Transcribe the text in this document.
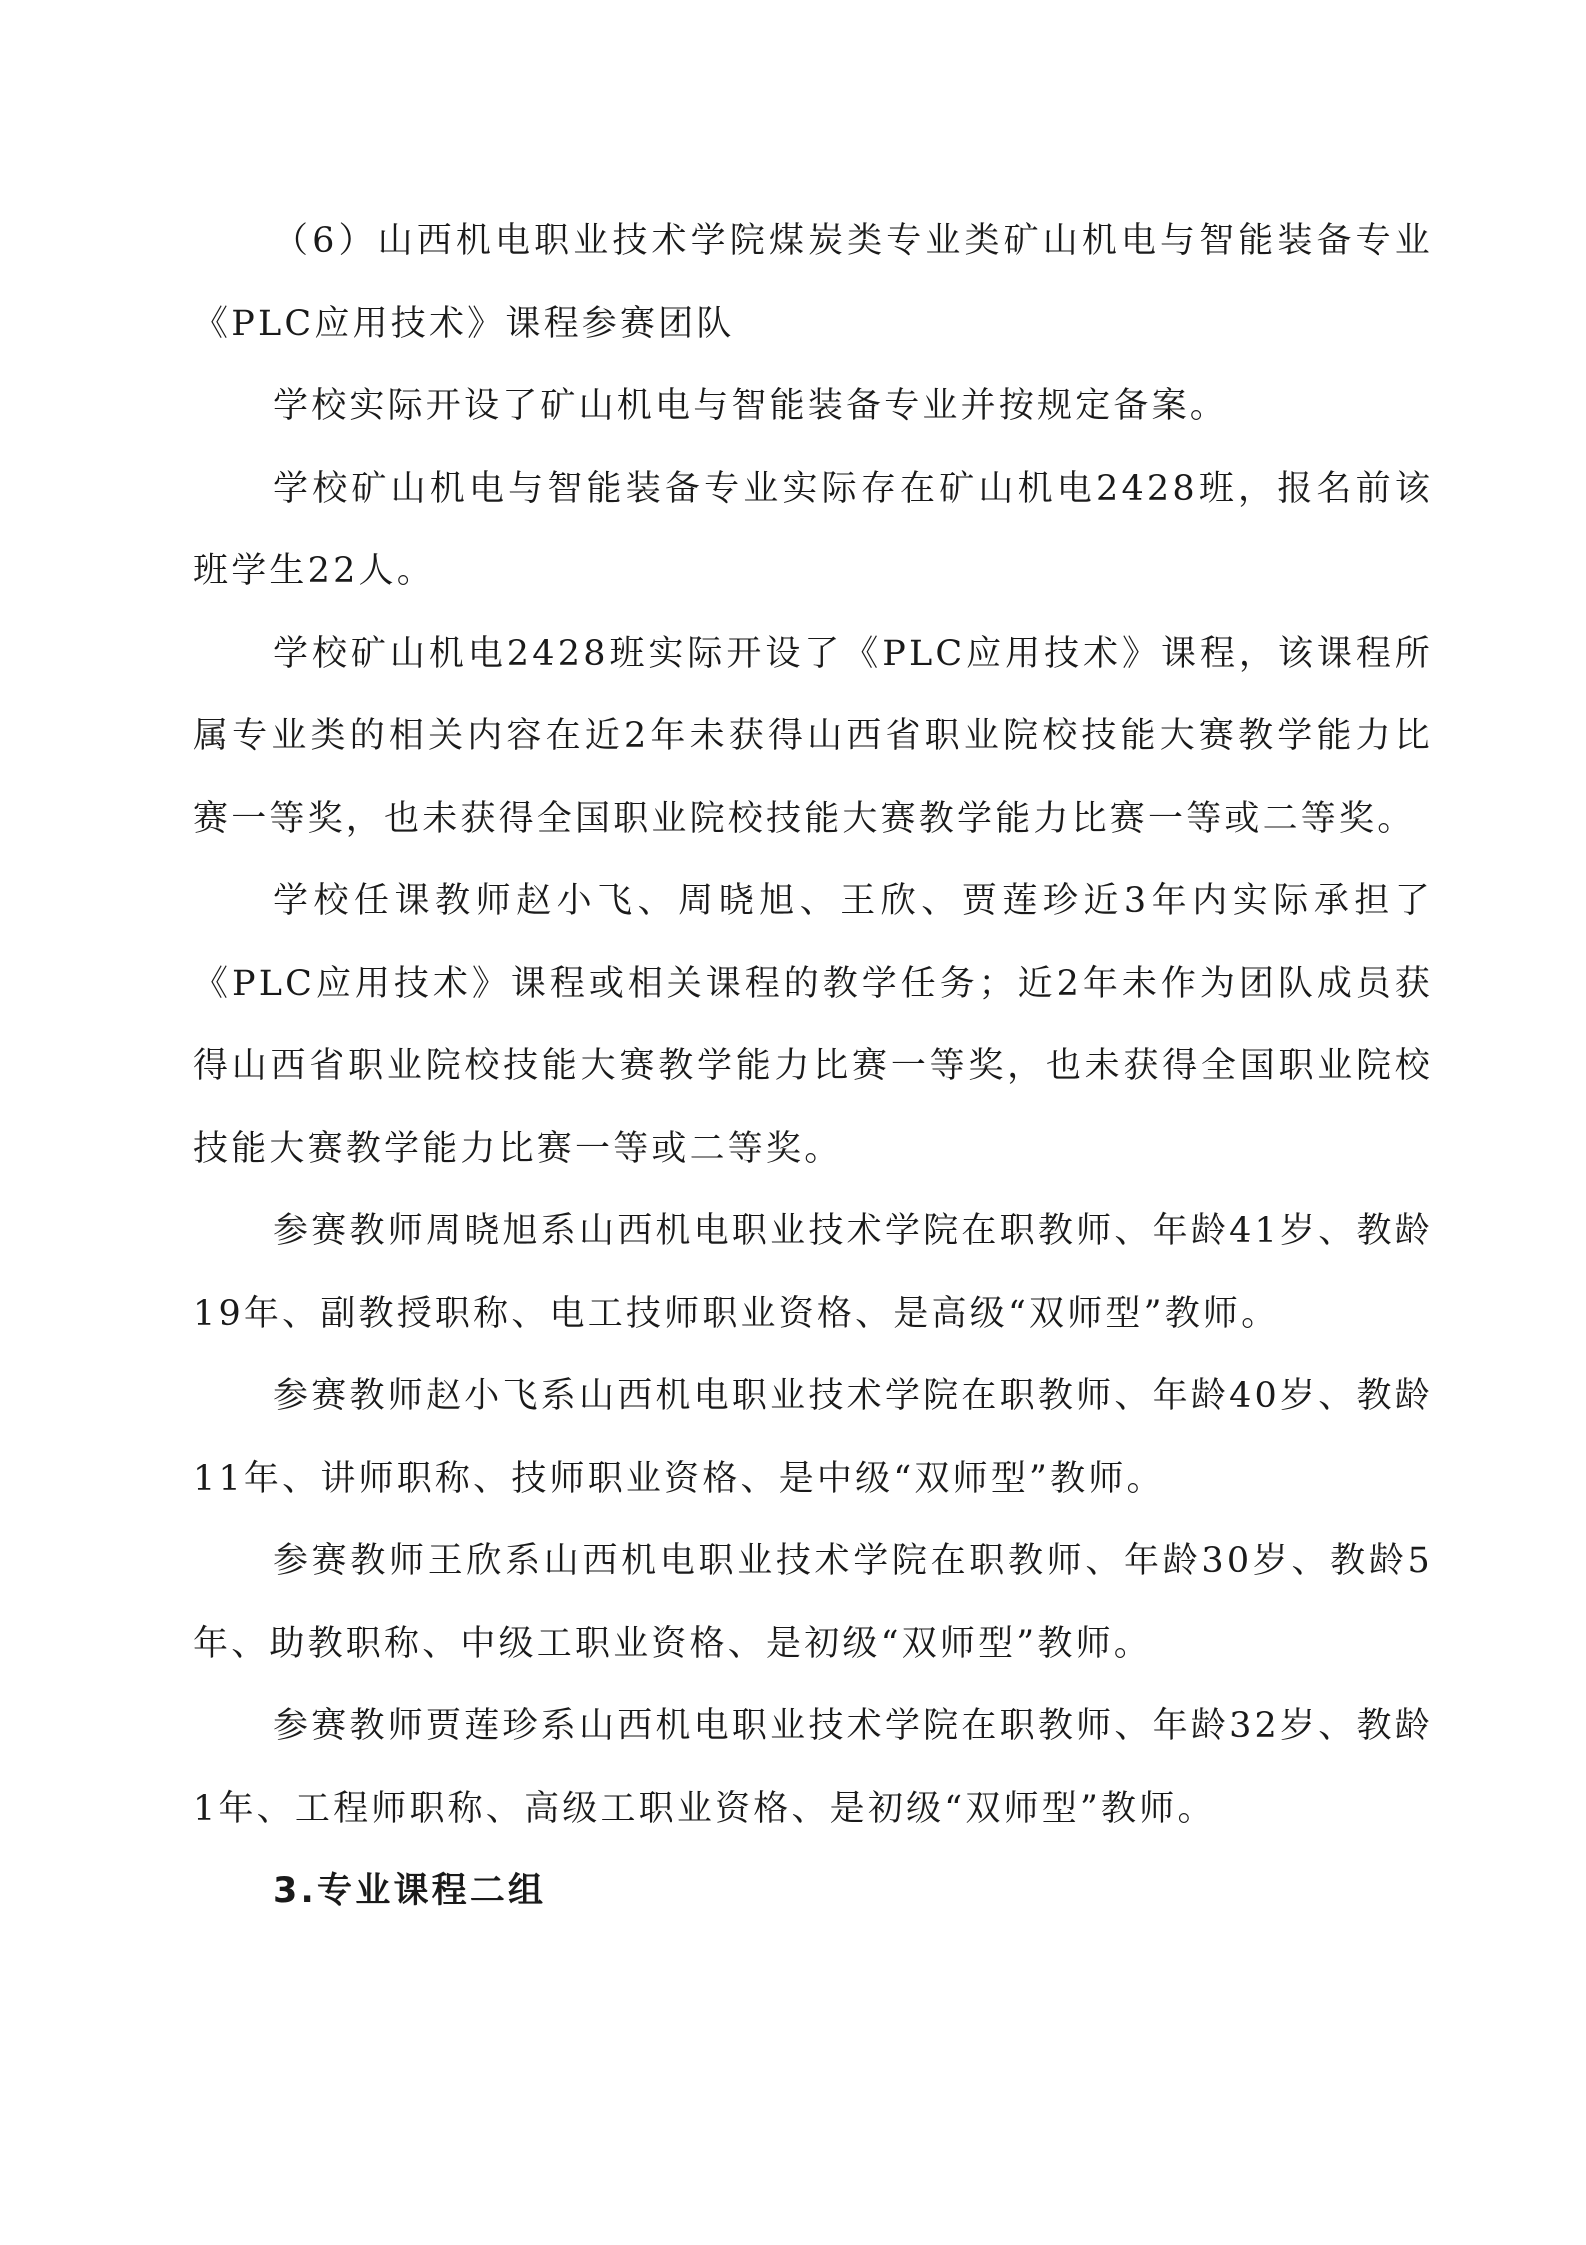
（6）山西机电职业技术学院煤炭类专业类矿山机电与智能装备专业《PLC应用技术》课程参赛团队

学校实际开设了矿山机电与智能装备专业并按规定备案。

学校矿山机电与智能装备专业实际存在矿山机电2428班，报名前该班学生22人。

学校矿山机电2428班实际开设了《PLC应用技术》课程，该课程所属专业类的相关内容在近2年未获得山西省职业院校技能大赛教学能力比赛一等奖，也未获得全国职业院校技能大赛教学能力比赛一等或二等奖。

学校任课教师赵小飞、周晓旭、王欣、贾莲珍近3年内实际承担了《PLC应用技术》课程或相关课程的教学任务；近2年未作为团队成员获得山西省职业院校技能大赛教学能力比赛一等奖，也未获得全国职业院校技能大赛教学能力比赛一等或二等奖。

参赛教师周晓旭系山西机电职业技术学院在职教师、年龄41岁、教龄19年、副教授职称、电工技师职业资格、是高级“双师型”教师。

参赛教师赵小飞系山西机电职业技术学院在职教师、年龄40岁、教龄11年、讲师职称、技师职业资格、是中级“双师型”教师。

参赛教师王欣系山西机电职业技术学院在职教师、年龄30岁、教龄5年、助教职称、中级工职业资格、是初级“双师型”教师。

参赛教师贾莲珍系山西机电职业技术学院在职教师、年龄32岁、教龄1年、工程师职称、高级工职业资格、是初级“双师型”教师。

3.专业课程二组
